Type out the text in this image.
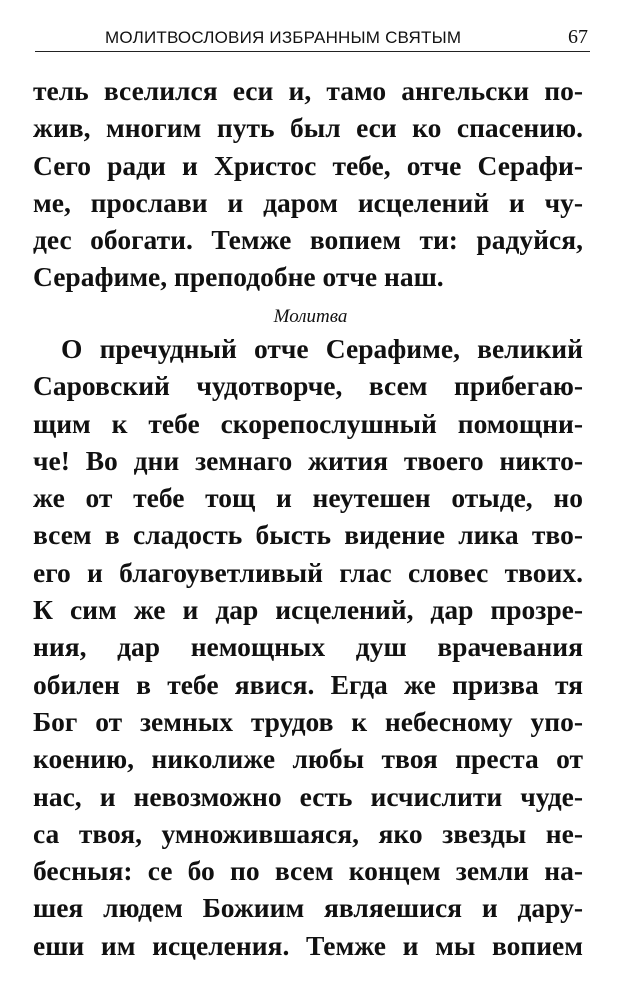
МОЛИТВОСЛОВИЯ ИЗБРАННЫМ СВЯТЫМ	67
тель вселился еси и, тамо ангельски по-
жив, многим путь был еси ко спасению.
Сего ради и Христос тебе, отче Серафи-
ме, прослави и даром исцелений и чу-
дес обогати. Темже вопием ти: радуйся,
Серафиме, преподобне отче наш.
Молитва
О пречудный отче Серафиме, великий
Саровский чудотворче, всем прибегаю-
щим к тебе скорепослушный помощни-
че! Во дни земнаго жития твоего никто-
же от тебе тощ и неутешен отыде, но
всем в сладость бысть видение лика тво-
его и благоуветливый глас словес твоих.
К сим же и дар исцелений, дар прозре-
ния, дар немощных душ врачевания
обилен в тебе явися. Егда же призва тя
Бог от земных трудов к небесному упо-
коению, николиже любы твоя преста от
нас, и невозможно есть исчислити чуде-
са твоя, умножившаяся, яко звезды не-
бесныя: се бо по всем концем земли на-
шея людем Божиим являешися и дару-
еши им исцеления. Темже и мы вопием
